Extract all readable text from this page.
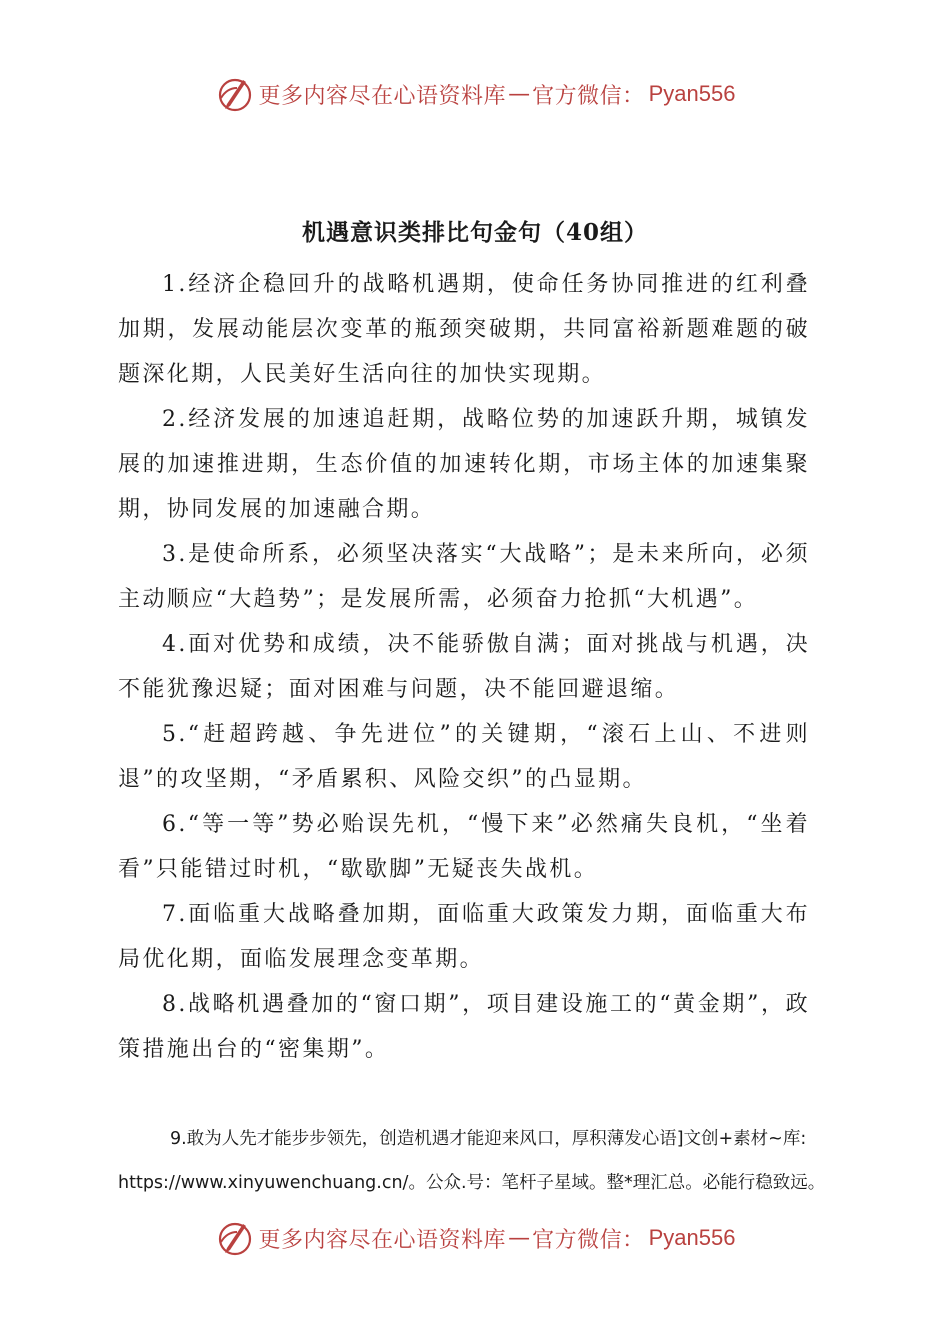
更多内容尽在心语资料库 — 官方微信： Pyan556
机遇意识类排比句金句（40组）

1.经济企稳回升的战略机遇期，使命任务协同推进的红利叠加期，发展动能层次变革的瓶颈突破期，共同富裕新题难题的破题深化期，人民美好生活向往的加快实现期。

2.经济发展的加速追赶期，战略位势的加速跃升期，城镇发展的加速推进期，生态价值的加速转化期，市场主体的加速集聚期，协同发展的加速融合期。

3.是使命所系，必须坚决落实“大战略”；是未来所向，必须主动顺应“大趋势”；是发展所需，必须奋力抢抓“大机遇”。

4.面对优势和成绩，决不能骄傲自满；面对挑战与机遇，决不能犹豫迟疑；面对困难与问题，决不能回避退缩。

5.“赶超跨越、争先进位”的关键期，“滚石上山、不进则退”的攻坚期，“矛盾累积、风险交织”的凸显期。

6.“等一等”势必贻误先机，“慢下来”必然痛失良机，“坐着看”只能错过时机，“歇歇脚”无疑丧失战机。

7.面临重大战略叠加期，面临重大政策发力期，面临重大布局优化期，面临发展理念变革期。

8.战略机遇叠加的“窗口期”，项目建设施工的“黄金期”，政策措施出台的“密集期”。

9.敢为人先才能步步领先，创造机遇才能迎来风口，厚积薄发心语]文创+素材~库:
https://www.xinyuwenchuang.cn/。公众.号：笔杆子星域。整*理汇总。必能行稳致远。
更多内容尽在心语资料库 — 官方微信： Pyan556
